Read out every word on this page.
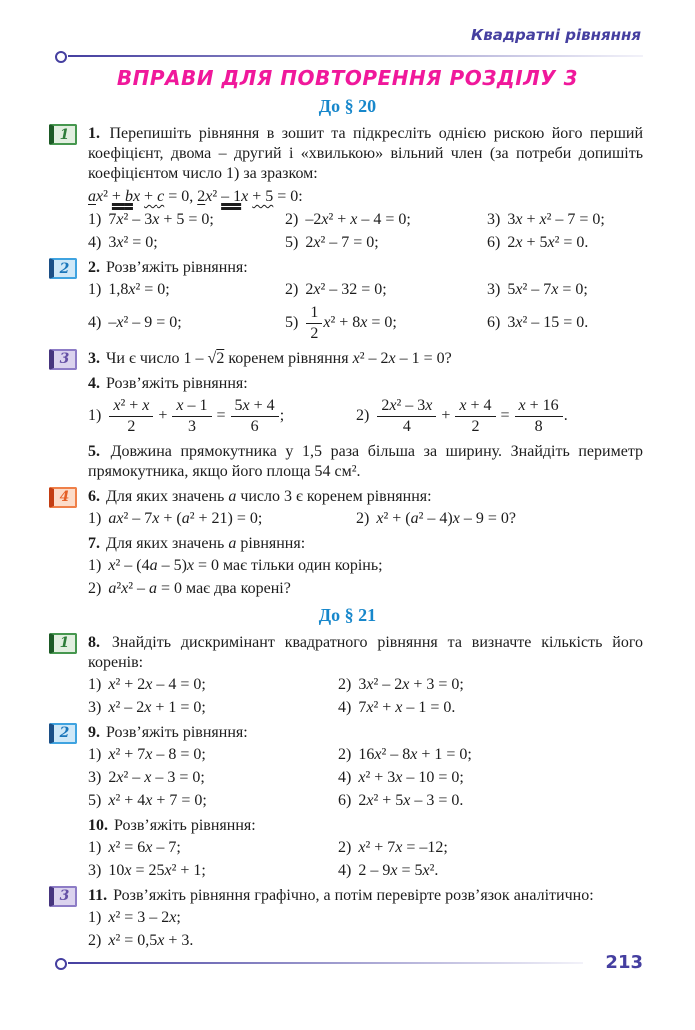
Квадратні рівняння
ВПРАВИ ДЛЯ ПОВТОРЕННЯ РОЗДІЛУ 3
До § 20
1	1. Перепишіть рівняння в зошит та підкресліть однією рискою його перший коефіцієнт, двома – другий і «хвилькою» вільний член (за потреби допишіть коефіцієнтом число 1) за зразком:
ax² + bx + c = 0, 2x² – 1x + 5 = 0:

1) 7x² – 3x + 5 = 0;	2) –2x² + x – 4 = 0;	3) 3x + x² – 7 = 0;
4) 3x² = 0;	5) 2x² – 7 = 0;	6) 2x + 5x² = 0.
2	2. Розв’яжіть рівняння:

1) 1,8x² = 0;	2) 2x² – 32 = 0;	3) 5x² – 7x = 0;
4) –x² – 9 = 0;	$5) \frac{1}{2} x^2 + 8x = 0$;	6) 3x² – 15 = 0.
3	3. Чи є число 1 – √2 коренем рівняння x² – 2x – 1 = 0?

4. Розв’яжіть рівняння:

$1) \frac{\text{x² + x}}{2} + \frac{x - 1}{3} = \frac{5x + 4}{6}$ ;	$2) \frac{\text{2x² – 3x}}{4} + \frac{x + 4}{2} = \frac{x + 16}{8}$ .

5. Довжина прямокутника у 1,5 раза більша за ширину. Знайдіть периметр прямокутника, якщо його площа 54 см².

4	6. Для яких значень a число 3 є коренем рівняння:

1) ax² – 7x + (a² + 21) = 0;	2) x² + (a² – 4)x – 9 = 0?

7. Для яких значень a рівняння:

1) x² – (4a – 5)x = 0 має тільки один корінь;
2) a²x² – a = 0 має два корені?
До § 21
1	8. Знайдіть дискримінант квадратного рівняння та визначте кількість його коренів:

1) x² + 2x – 4 = 0;	2) 3x² – 2x + 3 = 0;
3) x² – 2x + 1 = 0;	4) 7x² + x – 1 = 0.
2	9. Розв’яжіть рівняння:

1) x² + 7x – 8 = 0;	2) 16x² – 8x + 1 = 0;
3) 2x² – x – 3 = 0;	4) x² + 3x – 10 = 0;
5) x² + 4x + 7 = 0;	6) 2x² + 5x – 3 = 0.

10. Розв’яжіть рівняння:

1) x² = 6x – 7;	2) x² + 7x = –12;
3) 10x = 25x² + 1;	4) 2 – 9x = 5x².
3	11. Розв’яжіть рівняння графічно, а потім перевірте розв’язок аналітично:

1) x² = 3 – 2x;
2) x² = 0,5x + 3.
213
